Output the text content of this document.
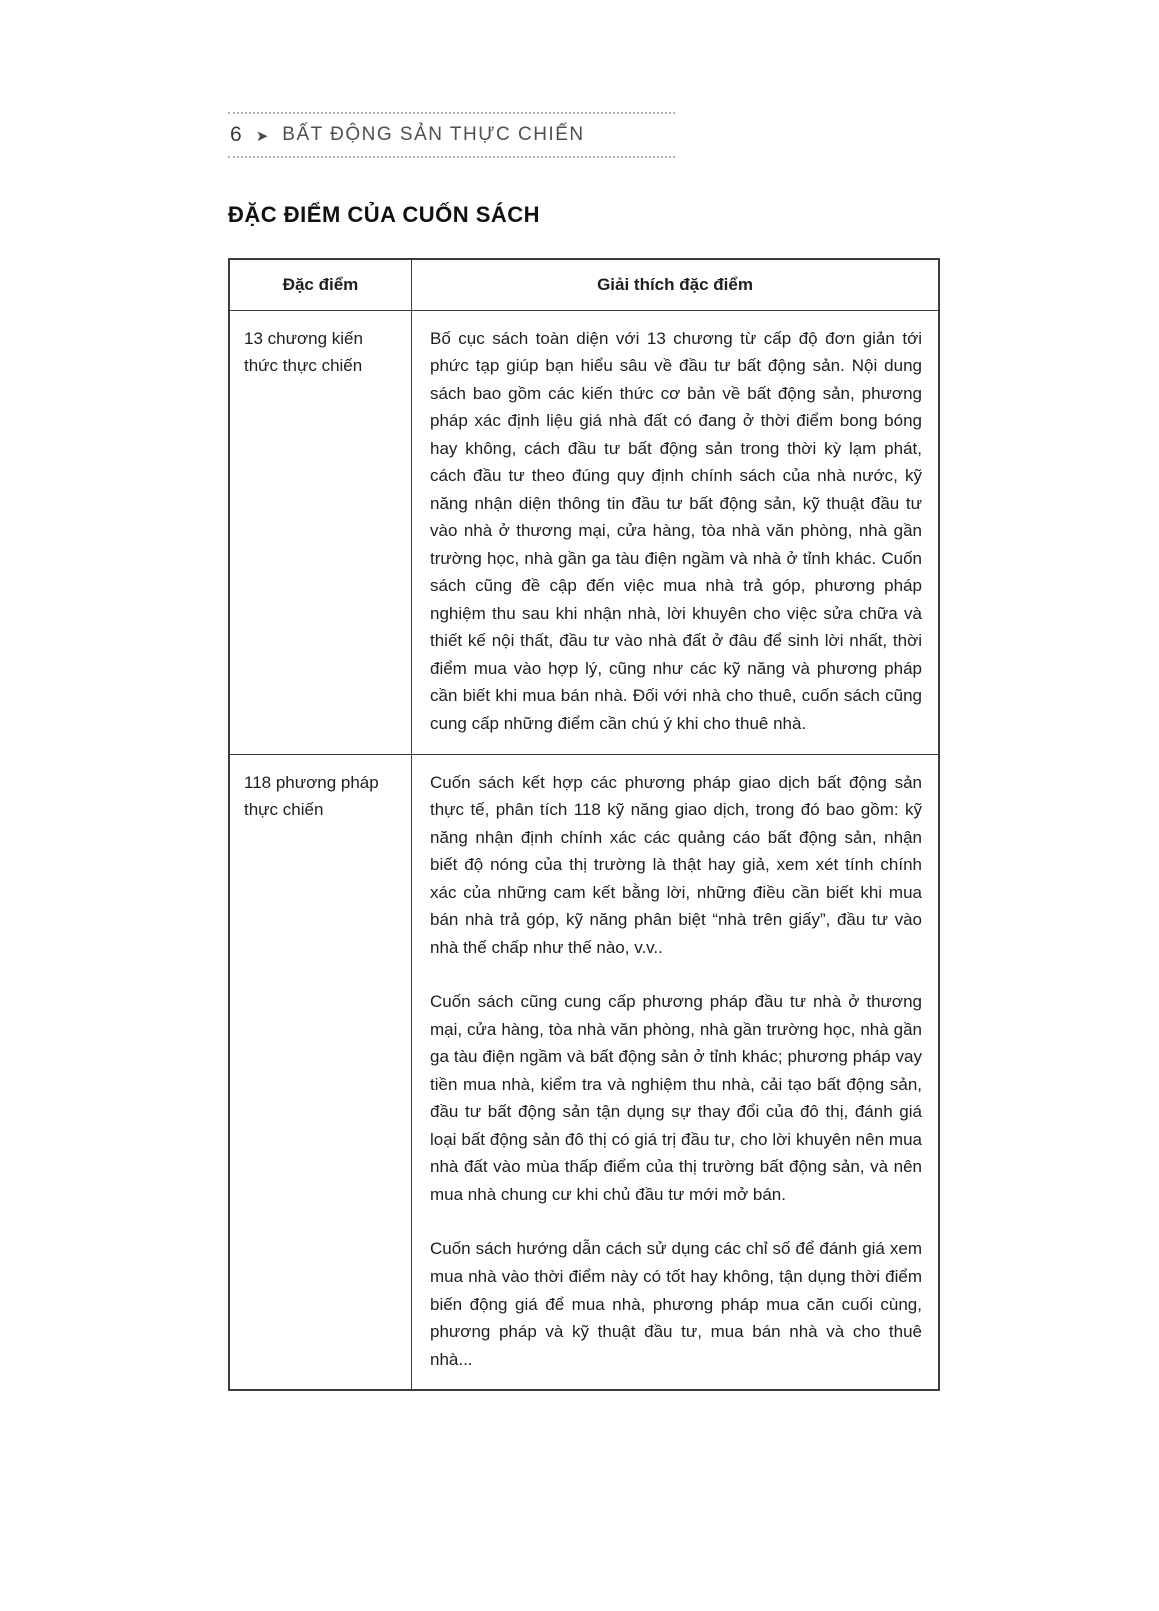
6 ➤ BẤT ĐỘNG SẢN THỰC CHIẾN
ĐẶC ĐIỂM CỦA CUỐN SÁCH
Đặc điểm	Giải thích đặc điểm
13 chương kiến thức thực chiến

Bố cục sách toàn diện với 13 chương từ cấp độ đơn giản tới phức tạp giúp bạn hiểu sâu về đầu tư bất động sản. Nội dung sách bao gồm các kiến thức cơ bản về bất động sản, phương pháp xác định liệu giá nhà đất có đang ở thời điểm bong bóng hay không, cách đầu tư bất động sản trong thời kỳ lạm phát, cách đầu tư theo đúng quy định chính sách của nhà nước, kỹ năng nhận diện thông tin đầu tư bất động sản, kỹ thuật đầu tư vào nhà ở thương mại, cửa hàng, tòa nhà văn phòng, nhà gần trường học, nhà gần ga tàu điện ngầm và nhà ở tỉnh khác. Cuốn sách cũng đề cập đến việc mua nhà trả góp, phương pháp nghiệm thu sau khi nhận nhà, lời khuyên cho việc sửa chữa và thiết kế nội thất, đầu tư vào nhà đất ở đâu để sinh lời nhất, thời điểm mua vào hợp lý, cũng như các kỹ năng và phương pháp cần biết khi mua bán nhà. Đối với nhà cho thuê, cuốn sách cũng cung cấp những điểm cần chú ý khi cho thuê nhà.

118 phương pháp thực chiến

Cuốn sách kết hợp các phương pháp giao dịch bất động sản thực tế, phân tích 118 kỹ năng giao dịch, trong đó bao gồm: kỹ năng nhận định chính xác các quảng cáo bất động sản, nhận biết độ nóng của thị trường là thật hay giả, xem xét tính chính xác của những cam kết bằng lời, những điều cần biết khi mua bán nhà trả góp, kỹ năng phân biệt “nhà trên giấy”, đầu tư vào nhà thế chấp như thế nào, v.v..

Cuốn sách cũng cung cấp phương pháp đầu tư nhà ở thương mại, cửa hàng, tòa nhà văn phòng, nhà gần trường học, nhà gần ga tàu điện ngầm và bất động sản ở tỉnh khác; phương pháp vay tiền mua nhà, kiểm tra và nghiệm thu nhà, cải tạo bất động sản, đầu tư bất động sản tận dụng sự thay đổi của đô thị, đánh giá loại bất động sản đô thị có giá trị đầu tư, cho lời khuyên nên mua nhà đất vào mùa thấp điểm của thị trường bất động sản, và nên mua nhà chung cư khi chủ đầu tư mới mở bán.

Cuốn sách hướng dẫn cách sử dụng các chỉ số để đánh giá xem mua nhà vào thời điểm này có tốt hay không, tận dụng thời điểm biến động giá để mua nhà, phương pháp mua căn cuối cùng, phương pháp và kỹ thuật đầu tư, mua bán nhà và cho thuê nhà...
